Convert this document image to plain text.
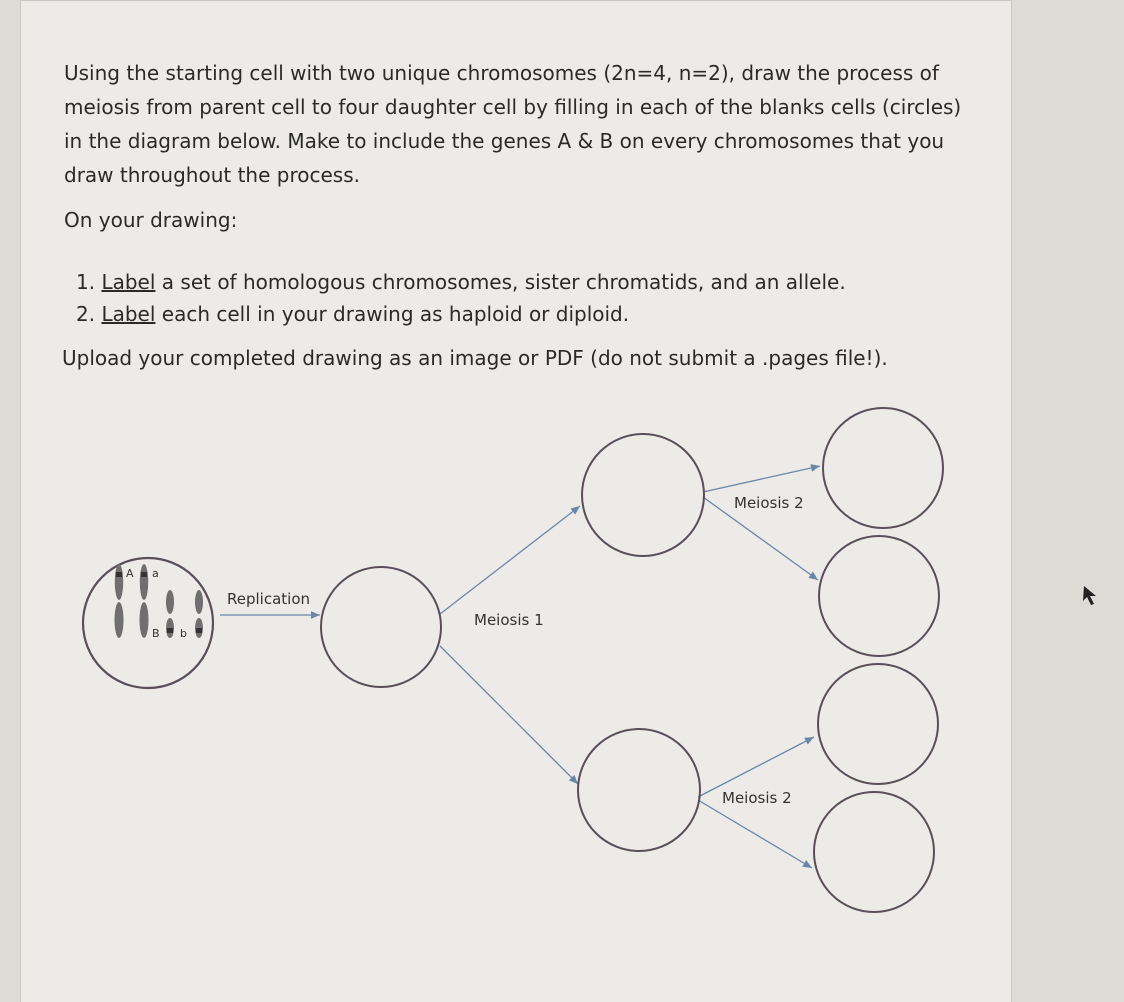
Using the starting cell with two unique chromosomes (2n=4, n=2), draw the process of meiosis from parent cell to four daughter cell by filling in each of the blanks cells (circles) in the diagram below. Make to include the genes A & B on every chromosomes that you draw throughout the process.

On your drawing:

1. Label a set of homologous chromosomes, sister chromatids, and an allele.
2. Label each cell in your drawing as haploid or diploid.

Upload your completed drawing as an image or PDF (do not submit a .pages file!).

A a
B b
Replication
Meiosis 1
Meiosis 2
Meiosis 2
